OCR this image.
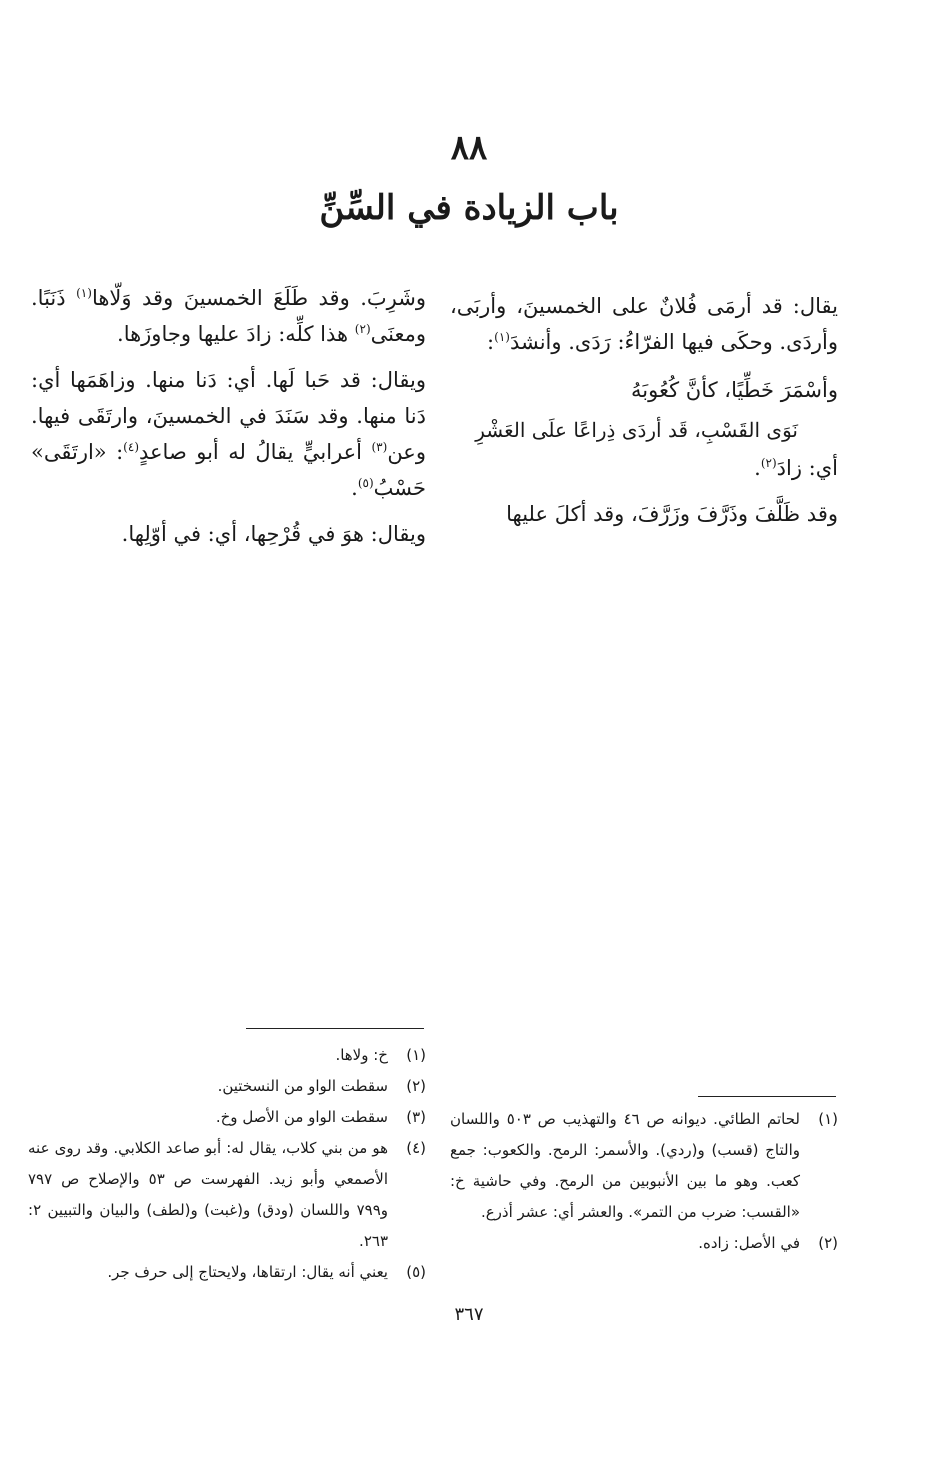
٨٨
باب الزيادة في السِّنِّ

يقال: قد أرمَى فُلانٌ على الخمسينَ، وأربَى، وأردَى. وحكَى فيها الفرّاءُ: رَدَى. وأنشدَ$^{(١)}$:

وأسْمَرَ خَطِّيًا، كأنَّ كُعُوبَهُ

نَوَى القَسْبِ، قَد أردَى ذِراعًا علَى العَشْرِ

أي: زادَ$^{(٢)}$.

وقد ظَلَّفَ وذَرَّفَ وزَرَّفَ، وقد أكلَ عليها

وشَرِبَ. وقد طَلَعَ الخمسينَ وقد وَلّاها$^{(١)}$ ذَنَبًا. ومعنَى$^{(٢)}$ هذا كلِّه: زادَ عليها وجاوزَها.

ويقال: قد حَبا لَها. أي: دَنا منها. وزاهَمَها أي: دَنا منها. وقد سَنَدَ في الخمسينَ، وارتَقَى فيها. وعن$^{(٣)}$ أعرابيٍّ يقالُ له أبو صاعدٍ$^{(٤)}$: «ارتَقَى» حَسْبُ$^{(٥)}$.

ويقال: هوَ في قُرْحِها، أي: في أوّلِها.

(١)
لحاتم الطائي. ديوانه ص ٤٦ والتهذيب ص ٥٠٣ واللسان والتاج (قسب) و(ردي). والأسمر: الرمح. والكعوب: جمع كعب. وهو ما بين الأنبوبين من الرمح. وفي حاشية خ: «القسب: ضرب من التمر». والعشر أي: عشر أذرع.
(٢)
في الأصل: زاده.
(١)
خ: ولاها.
(٢)
سقطت الواو من النسختين.
(٣)
سقطت الواو من الأصل وخ.
(٤)
هو من بني كلاب، يقال له: أبو صاعد الكلابي. وقد روى عنه الأصمعي وأبو زيد. الفهرست ص ٥٣ والإصلاح ص ٧٩٧ و٧٩٩ واللسان (ودق) و(غبت) و(لطف) والبيان والتبيين ٢: ٢٦٣.
(٥)
يعني أنه يقال: ارتقاها، ولايحتاج إلى حرف جر.
٣٦٧
